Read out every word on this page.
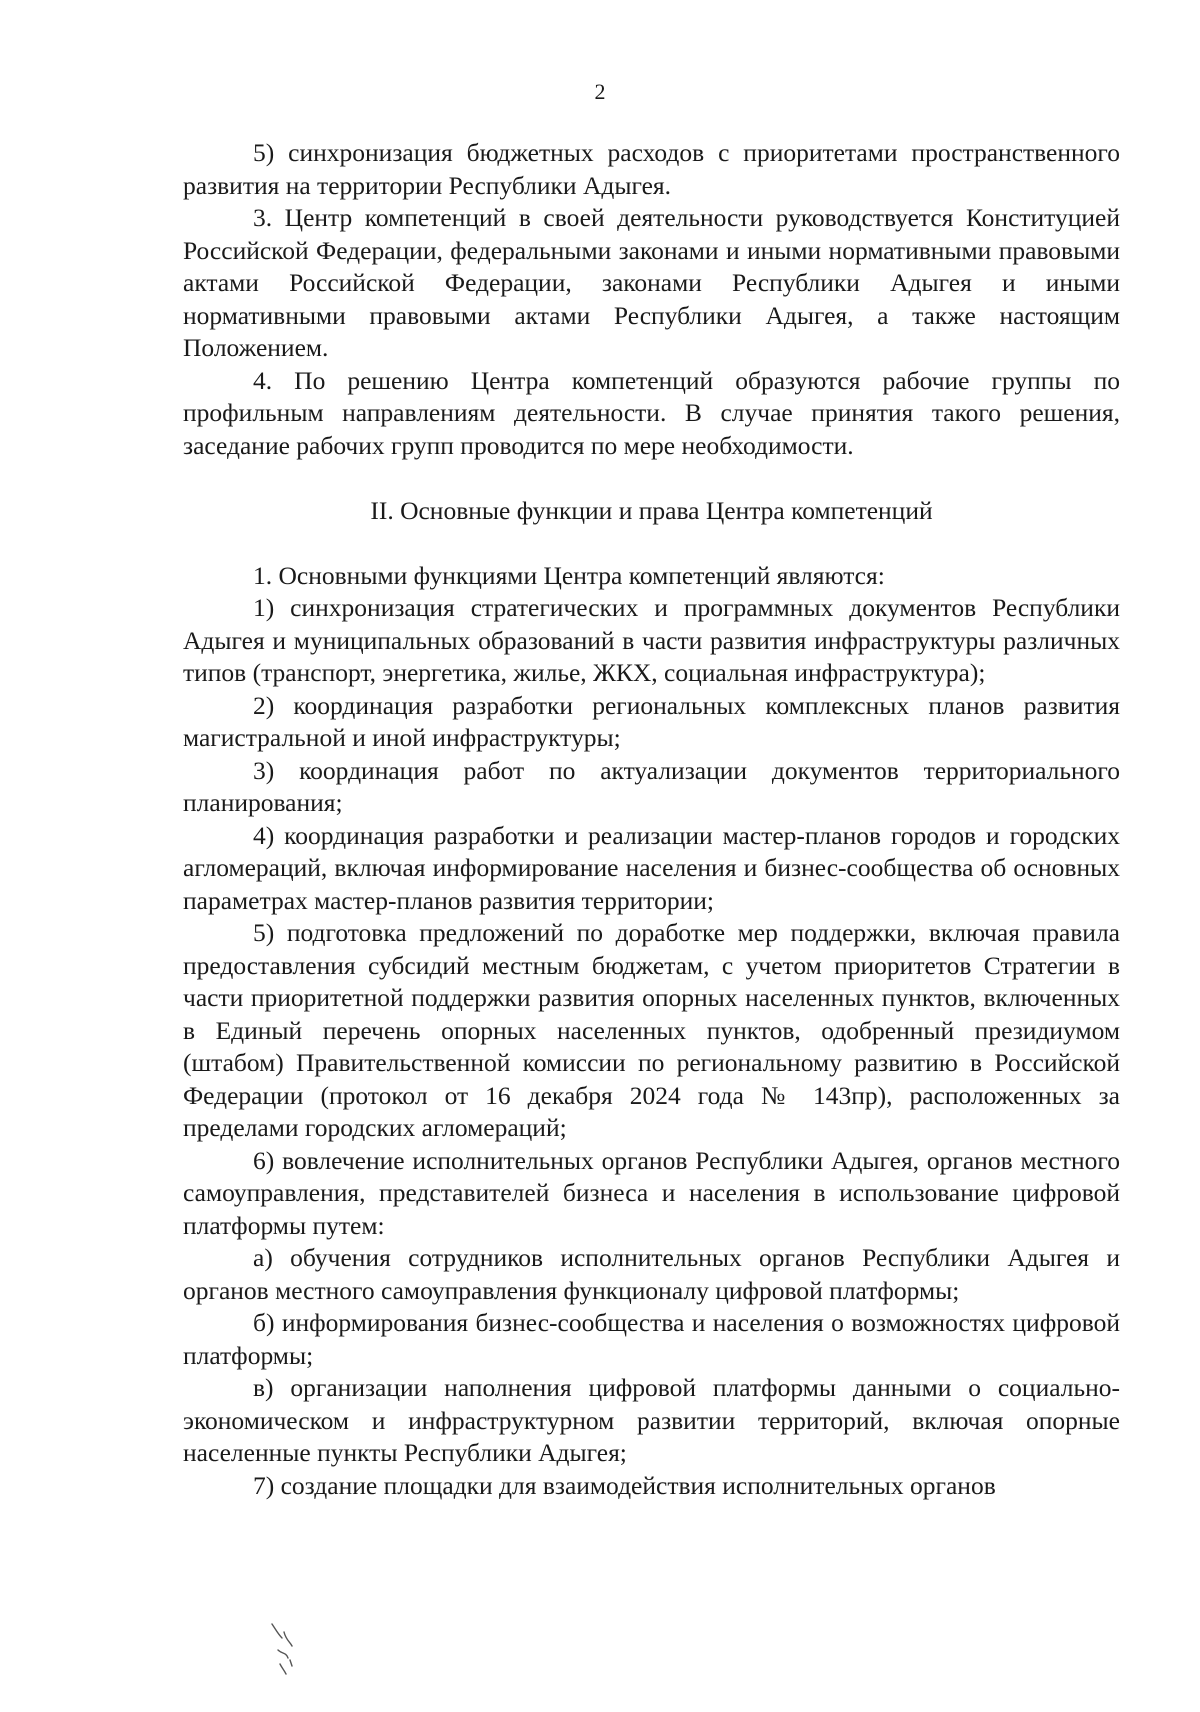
2

5) синхронизация бюджетных расходов с приоритетами пространственного развития на территории Республики Адыгея.

3. Центр компетенций в своей деятельности руководствуется Конституцией Российской Федерации, федеральными законами и иными нормативными правовыми актами Российской Федерации, законами Республики Адыгея и иными нормативными правовыми актами Республики Адыгея, а также настоящим Положением.

4. По решению Центра компетенций образуются рабочие группы по профильным направлениям деятельности. В случае принятия такого решения, заседание рабочих групп проводится по мере необходимости.

II. Основные функции и права Центра компетенций

1. Основными функциями Центра компетенций являются:

1) синхронизация стратегических и программных документов Республики Адыгея и муниципальных образований в части развития инфраструктуры различных типов (транспорт, энергетика, жилье, ЖКХ, социальная инфраструктура);

2) координация разработки региональных комплексных планов развития магистральной и иной инфраструктуры;

3) координация работ по актуализации документов территориального планирования;

4) координация разработки и реализации мастер-планов городов и городских агломераций, включая информирование населения и бизнес-сообщества об основных параметрах мастер-планов развития территории;

5) подготовка предложений по доработке мер поддержки, включая правила предоставления субсидий местным бюджетам, с учетом приоритетов Стратегии в части приоритетной поддержки развития опорных населенных пунктов, включенных в Единый перечень опорных населенных пунктов, одобренный президиумом (штабом) Правительственной комиссии по региональному развитию в Российской Федерации (протокол от 16 декабря 2024 года № 143пр), расположенных за пределами городских агломераций;

6) вовлечение исполнительных органов Республики Адыгея, органов местного самоуправления, представителей бизнеса и населения в использование цифровой платформы путем:

а) обучения сотрудников исполнительных органов Республики Адыгея и органов местного самоуправления функционалу цифровой платформы;

б) информирования бизнес-сообщества и населения о возможностях цифровой платформы;

в) организации наполнения цифровой платформы данными о социально-экономическом и инфраструктурном развитии территорий, включая опорные населенные пункты Республики Адыгея;

7) создание площадки для взаимодействия исполнительных органов
